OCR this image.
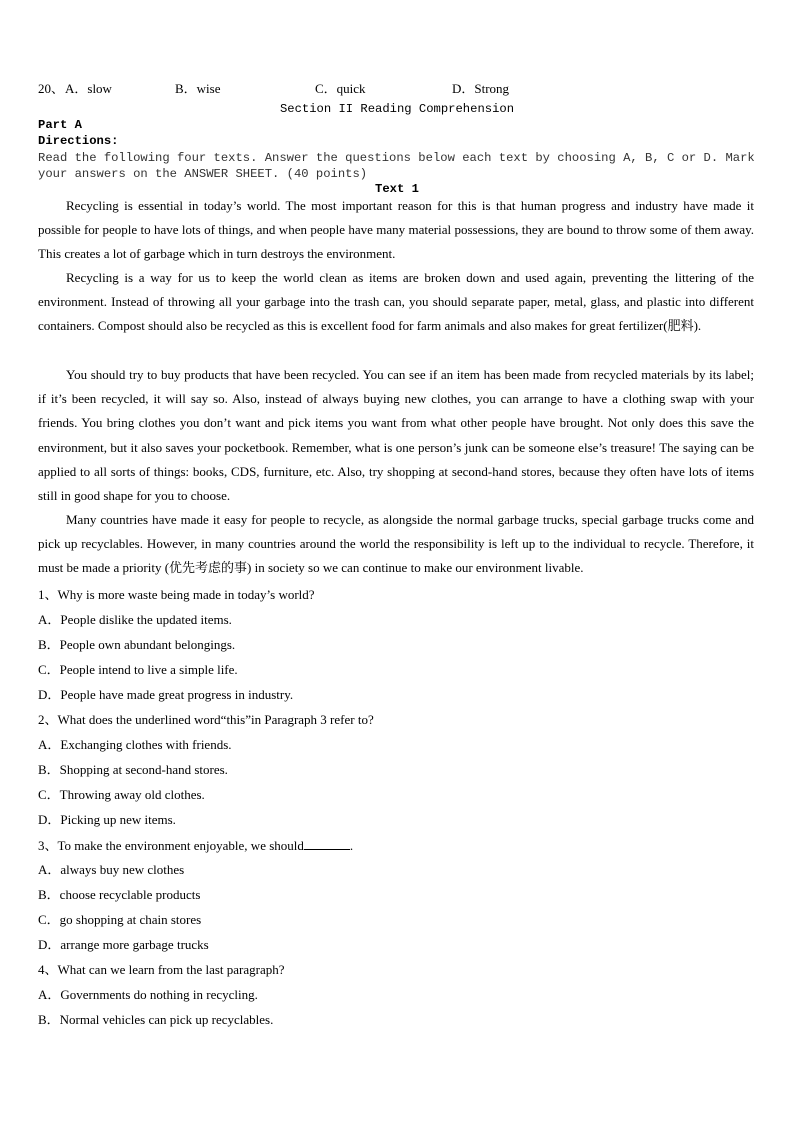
20、 A．slow	B．wise	C．quick	D．Strong
Section II Reading Comprehension
Part A
Directions:
Read the following four texts. Answer the questions below each text by choosing A, B, C or D. Mark your answers on the ANSWER SHEET. (40 points)
Text 1
Recycling is essential in today’s world. The most important reason for this is that human progress and industry have made it possible for people to have lots of things, and when people have many material possessions, they are bound to throw some of them away. This creates a lot of garbage which in turn destroys the environment.
Recycling is a way for us to keep the world clean as items are broken down and used again, preventing the littering of the environment. Instead of throwing all your garbage into the trash can, you should separate paper, metal, glass, and plastic into different containers. Compost should also be recycled as this is excellent food for farm animals and also makes for great fertilizer(肥料).
You should try to buy products that have been recycled. You can see if an item has been made from recycled materials by its label; if it’s been recycled, it will say so. Also, instead of always buying new clothes, you can arrange to have a clothing swap with your friends. You bring clothes you don’t want and pick items you want from what other people have brought. Not only does this save the environment, but it also saves your pocketbook. Remember, what is one person’s junk can be someone else’s treasure! The saying can be applied to all sorts of things: books, CDS, furniture, etc. Also, try shopping at second-hand stores, because they often have lots of items still in good shape for you to choose.
Many countries have made it easy for people to recycle, as alongside the normal garbage trucks, special garbage trucks come and pick up recyclables. However, in many countries around the world the responsibility is left up to the individual to recycle. Therefore, it must be made a priority (优先考虑的事) in society so we can continue to make our environment livable.
1、Why is more waste being made in today’s world?
A．People dislike the updated items.
B．People own abundant belongings.
C．People intend to live a simple life.
D．People have made great progress in industry.
2、What does the underlined word“this”in Paragraph 3 refer to?
A．Exchanging clothes with friends.
B．Shopping at second-hand stores.
C．Throwing away old clothes.
D．Picking up new items.
3、To make the environment enjoyable, we should	.
A．always buy new clothes
B．choose recyclable products
C．go shopping at chain stores
D．arrange more garbage trucks
4、What can we learn from the last paragraph?
A．Governments do nothing in recycling.
B．Normal vehicles can pick up recyclables.
